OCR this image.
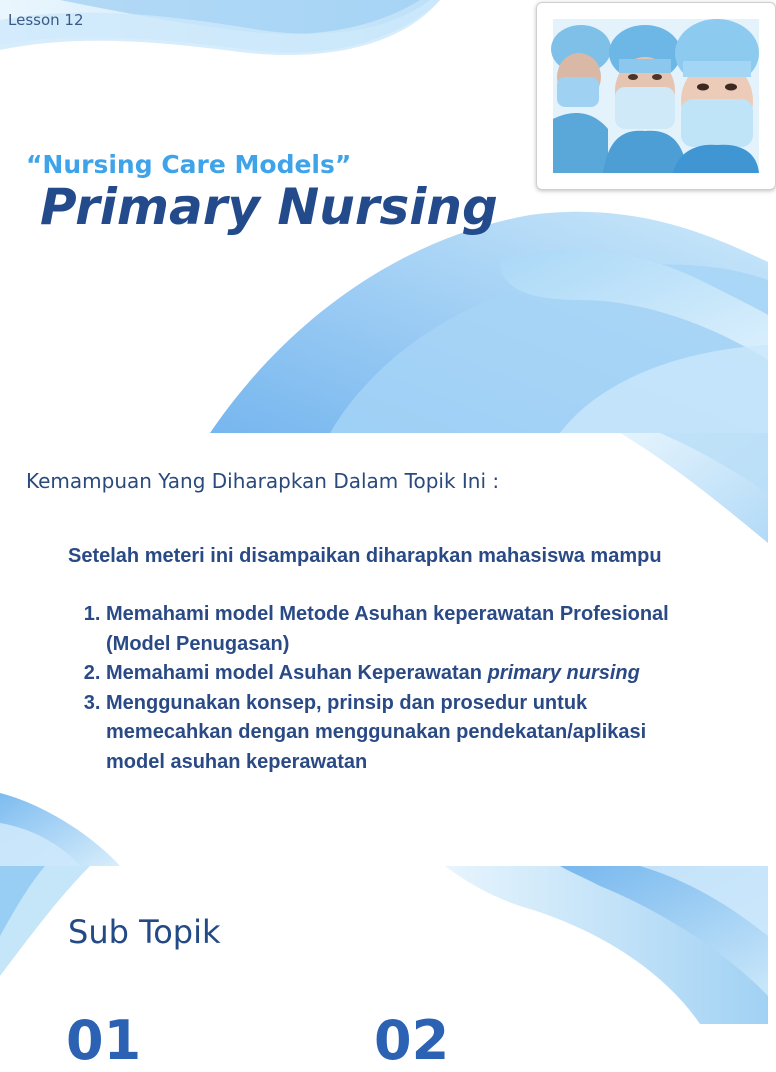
Lesson 12
“Nursing Care Models”
Primary Nursing
Kemampuan Yang Diharapkan Dalam Topik Ini :
Setelah meteri ini disampaikan diharapkan mahasiswa mampu
1. Memahami model Metode Asuhan keperawatan Profesional (Model Penugasan)
2. Memahami model Asuhan Keperawatan primary nursing
3. Menggunakan konsep, prinsip dan prosedur untuk memecahkan dengan menggunakan pendekatan/aplikasi model asuhan keperawatan
Sub Topik
01	02
